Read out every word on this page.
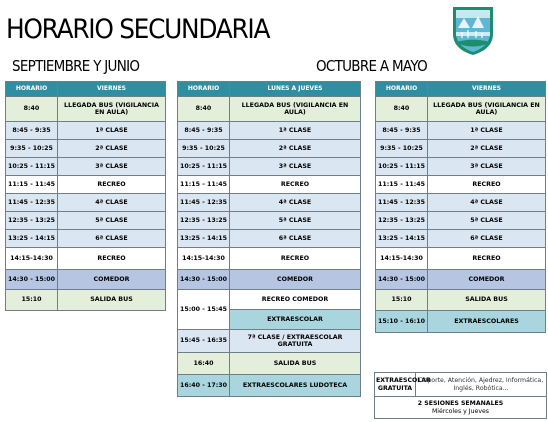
HORARIO SECUNDARIA
SEPTIEMBRE Y JUNIO	OCTUBRE A MAYO
HORARIO	VIERNES
8:40	LLEGADA BUS (VIGILANCIA EN AULA)
8:45 - 9:35	1ª CLASE
9:35 - 10:25	2ª CLASE
10:25 - 11:15	3ª CLASE
11:15 - 11:45	RECREO
11:45 - 12:35	4ª CLASE
12:35 - 13:25	5ª CLASE
13:25 - 14:15	6ª CLASE
14:15-14:30	RECREO
14:30 - 15:00	COMEDOR
15:10	SALIDA BUS
HORARIO	LUNES A JUEVES
8:40	LLEGADA BUS (VIGILANCIA EN AULA)
8:45 - 9:35	1ª CLASE
9:35 - 10:25	2ª CLASE
10:25 - 11:15	3ª CLASE
11:15 - 11:45	RECREO
11:45 - 12:35	4ª CLASE
12:35 - 13:25	5ª CLASE
13:25 - 14:15	6ª CLASE
14:15-14:30	RECREO
14:30 - 15:00	COMEDOR
15:00 - 15:45	RECREO COMEDOR
	EXTRAESCOLAR
15:45 - 16:35	7ª CLASE / EXTRAESCOLAR GRATUITA
16:40	SALIDA BUS
16:40 - 17:30	EXTRAESCOLARES LUDOTECA
HORARIO	VIERNES
8:40	LLEGADA BUS (VIGILANCIA EN AULA)
8:45 - 9:35	1ª CLASE
9:35 - 10:25	2ª CLASE
10:25 - 11:15	3ª CLASE
11:15 - 11:45	RECREO
11:45 - 12:35	4ª CLASE
12:35 - 13:25	5ª CLASE
13:25 - 14:15	6ª CLASE
14:15-14:30	RECREO
14:30 - 15:00	COMEDOR
15:10	SALIDA BUS
15:10 - 16:10	EXTRAESCOLARES
EXTRAESCOLAR GRATUITA	Deporte, Atención, Ajedrez, Informática, Inglés, Robótica...

2 SESIONES SEMANALES
Miércoles y Jueves
